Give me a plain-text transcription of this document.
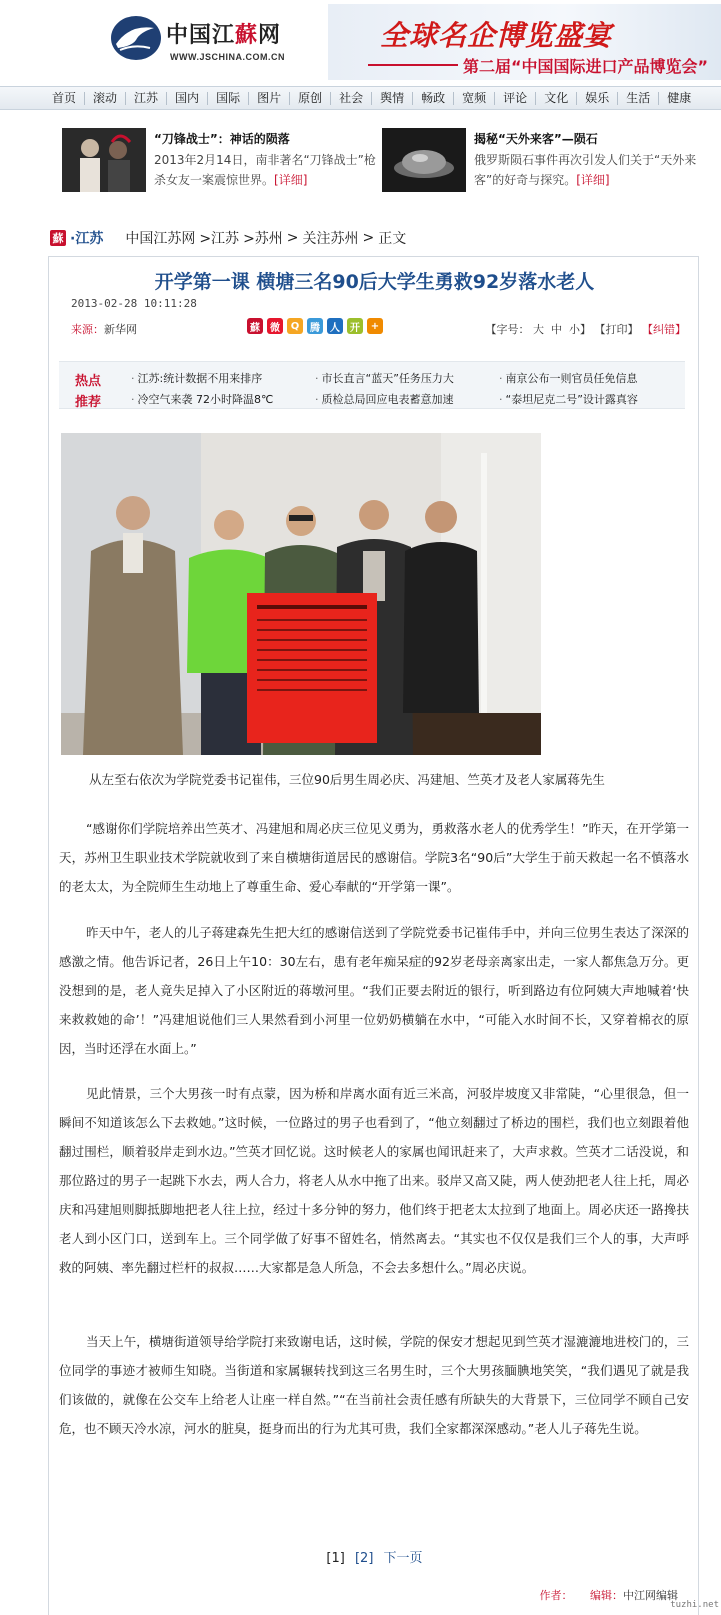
中国江蘇网
WWW.JSCHINA.COM.CN
全球名企博览盛宴
第二届“中国国际进口产品博览会”
首页	滚动	江苏	国内	国际	图片	原创	社会	舆情	畅政	宽频	评论	文化	娱乐	生活	健康
“刀锋战士”：神话的陨落
2013年2月14日，南非著名“刀锋战士”枪杀女友一案震惊世界。[详细]
揭秘“天外来客”—陨石
俄罗斯陨石事件再次引发人们关于“天外来客”的好奇与探究。[详细]
蘇 ·江苏 中国江苏网 >江苏 >苏州 > 关注苏州 > 正文
开学第一课 横塘三名90后大学生勇救92岁落水老人
2013-02-28 10:11:28
来源：新华网	蘇	微	Q	腾	人	开	+	【字号： 大 中 小】 【打印】 【纠错】
热点
推荐
· 江苏:统计数据不用来排序	· 市长直言“蓝天”任务压力大	· 南京公布一则官员任免信息
· 冷空气来袭 72小时降温8℃	· 质检总局回应电表蓄意加速	· “泰坦尼克二号”设计露真容
从左至右依次为学院党委书记崔伟，三位90后男生周必庆、冯建旭、竺英才及老人家属蒋先生

“感谢你们学院培养出竺英才、冯建旭和周必庆三位见义勇为，勇救落水老人的优秀学生！”昨天，在开学第一天，苏州卫生职业技术学院就收到了来自横塘街道居民的感谢信。学院3名“90后”大学生于前天救起一名不慎落水的老太太，为全院师生生动地上了尊重生命、爱心奉献的“开学第一课”。

昨天中午，老人的儿子蒋建森先生把大红的感谢信送到了学院党委书记崔伟手中，并向三位男生表达了深深的感激之情。他告诉记者，26日上午10：30左右，患有老年痴呆症的92岁老母亲离家出走，一家人都焦急万分。更没想到的是，老人竟失足掉入了小区附近的蒋墩河里。“我们正要去附近的银行，听到路边有位阿姨大声地喊着‘快来救救她的命’！”冯建旭说他们三人果然看到小河里一位奶奶横躺在水中，“可能入水时间不长，又穿着棉衣的原因，当时还浮在水面上。”

见此情景，三个大男孩一时有点蒙，因为桥和岸离水面有近三米高，河驳岸坡度又非常陡，“心里很急，但一瞬间不知道该怎么下去救她。”这时候，一位路过的男子也看到了，“他立刻翻过了桥边的围栏，我们也立刻跟着他翻过围栏，顺着驳岸走到水边。”竺英才回忆说。这时候老人的家属也闻讯赶来了，大声求救。竺英才二话没说，和那位路过的男子一起跳下水去，两人合力，将老人从水中拖了出来。驳岸又高又陡，两人使劲把老人往上托，周必庆和冯建旭则脚抵脚地把老人往上拉，经过十多分钟的努力，他们终于把老太太拉到了地面上。周必庆还一路搀扶老人到小区门口，送到车上。三个同学做了好事不留姓名，悄然离去。“其实也不仅仅是我们三个人的事，大声呼救的阿姨、率先翻过栏杆的叔叔……大家都是急人所急，不会去多想什么。”周必庆说。

当天上午，横塘街道领导给学院打来致谢电话，这时候，学院的保安才想起见到竺英才湿漉漉地进校门的，三位同学的事迹才被师生知晓。当街道和家属辗转找到这三名男生时，三个大男孩腼腆地笑笑，“我们遇见了就是我们该做的，就像在公交车上给老人让座一样自然。”“在当前社会责任感有所缺失的大背景下，三位同学不顾自己安危，也不顾天冷水凉，河水的脏臭，挺身而出的行为尤其可贵，我们全家都深深感动。”老人儿子蒋先生说。

[1] [2] 下一页
作者： 编辑：中江网编辑
tuzhi.net
